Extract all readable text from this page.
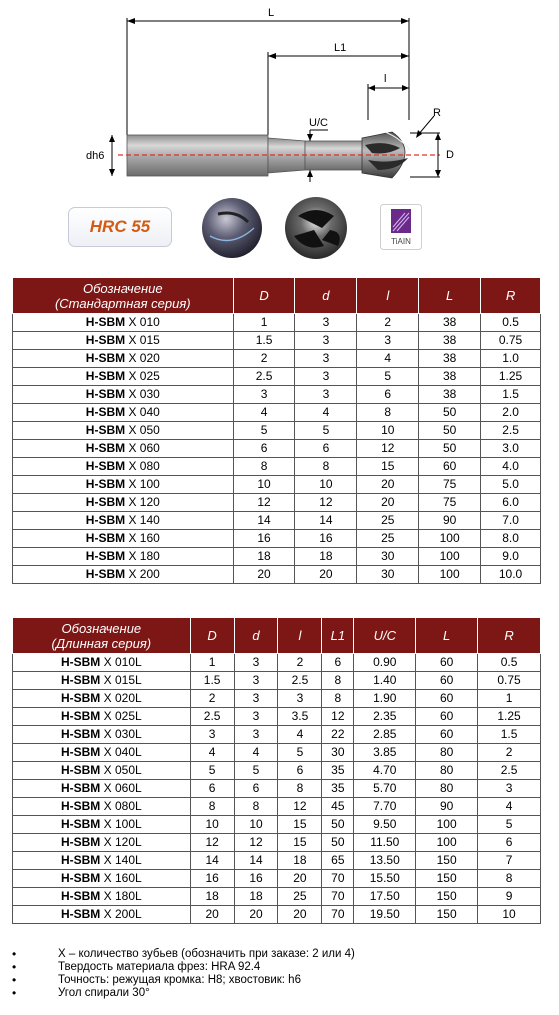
L
L1
l
dh6
U/C
R
D
HRC 55
TiAIN
Обозначение
(Стандартная серия)	D	d	l	L	R
H-SBM X 010	1	3	2	38	0.5
H-SBM X 015	1.5	3	3	38	0.75
H-SBM X 020	2	3	4	38	1.0
H-SBM X 025	2.5	3	5	38	1.25
H-SBM X 030	3	3	6	38	1.5
H-SBM X 040	4	4	8	50	2.0
H-SBM X 050	5	5	10	50	2.5
H-SBM X 060	6	6	12	50	3.0
H-SBM X 080	8	8	15	60	4.0
H-SBM X 100	10	10	20	75	5.0
H-SBM X 120	12	12	20	75	6.0
H-SBM X 140	14	14	25	90	7.0
H-SBM X 160	16	16	25	100	8.0
H-SBM X 180	18	18	30	100	9.0
H-SBM X 200	20	20	30	100	10.0
Обозначение
(Длинная серия)	D	d	l	L1	U/C	L	R
H-SBM X 010L	1	3	2	6	0.90	60	0.5
H-SBM X 015L	1.5	3	2.5	8	1.40	60	0.75
H-SBM X 020L	2	3	3	8	1.90	60	1
H-SBM X 025L	2.5	3	3.5	12	2.35	60	1.25
H-SBM X 030L	3	3	4	22	2.85	60	1.5
H-SBM X 040L	4	4	5	30	3.85	80	2
H-SBM X 050L	5	5	6	35	4.70	80	2.5
H-SBM X 060L	6	6	8	35	5.70	80	3
H-SBM X 080L	8	8	12	45	7.70	90	4
H-SBM X 100L	10	10	15	50	9.50	100	5
H-SBM X 120L	12	12	15	50	11.50	100	6
H-SBM X 140L	14	14	18	65	13.50	150	7
H-SBM X 160L	16	16	20	70	15.50	150	8
H-SBM X 180L	18	18	25	70	17.50	150	9
H-SBM X 200L	20	20	20	70	19.50	150	10
• X – количество зубьев (обозначить при заказе: 2 или 4)
• Твердость материала фрез: HRA 92.4
• Точность: режущая кромка: H8; хвостовик: h6
• Угол спирали 30°
